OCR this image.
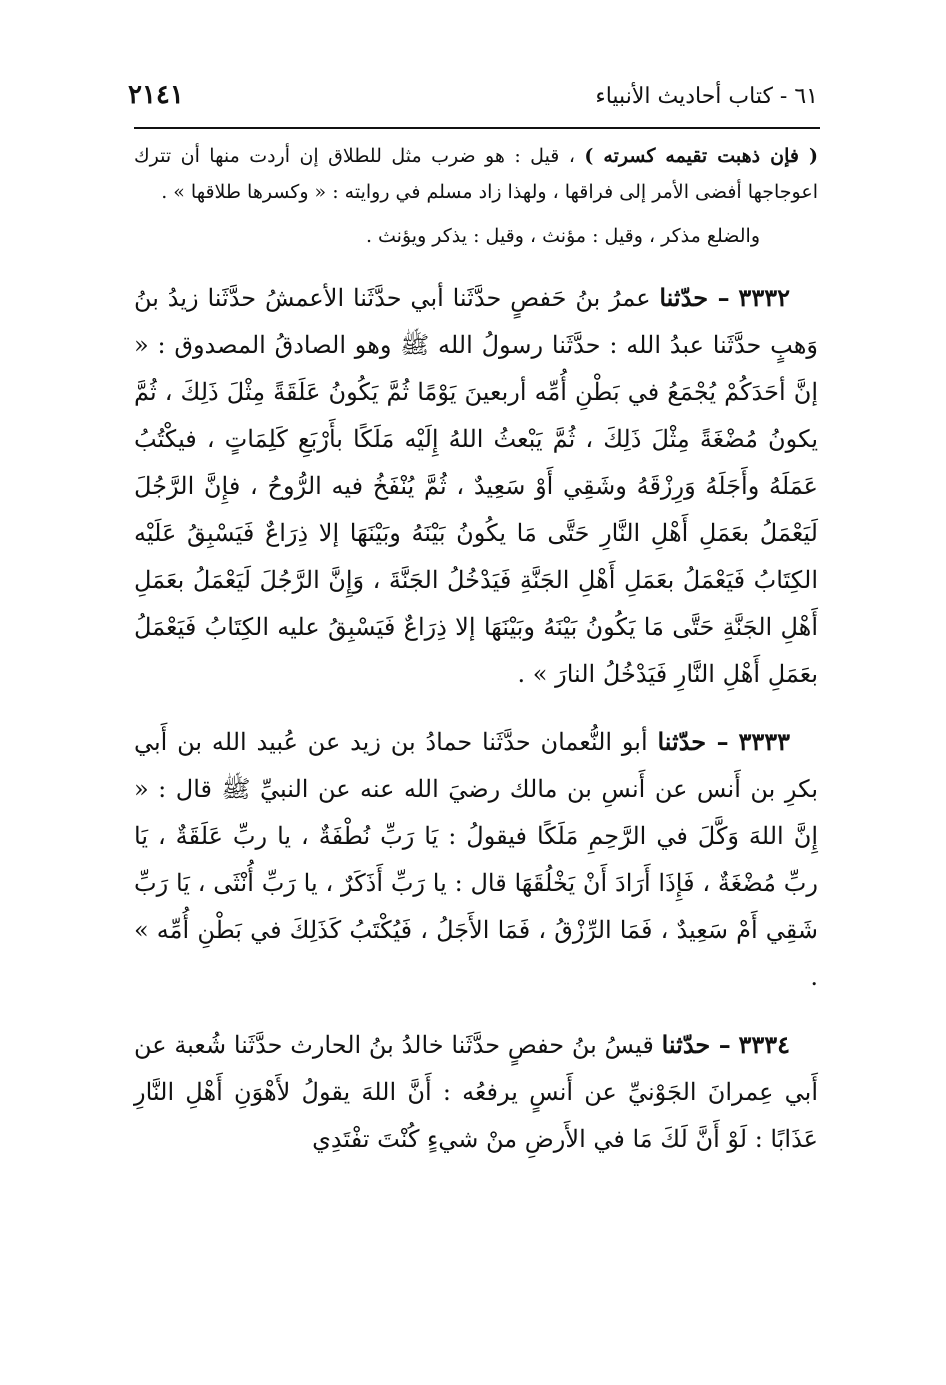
٦١ - كتاب أحاديث الأنبياء
٢١٤١

( فإن ذهبت تقيمه كسرته ) ، قيل : هو ضرب مثل للطلاق إن أردت منها أن تترك اعوجاجها أفضى الأمر إلى فراقها ، ولهذا زاد مسلم في روايته : « وكسرها طلاقها » .

والضلع مذكر ، وقيل : مؤنث ، وقيل : يذكر ويؤنث .

٣٣٣٢ – حدّثنا عمرُ بنُ حَفصٍ حدَّثَنا أبي حدَّثَنا الأعمشُ حدَّثَنا زيدُ بنُ وَهبٍ حدَّثَنا عبدُ الله : حدَّثَنا رسولُ الله ﷺ وهو الصادقُ المصدوق : « إنَّ أحَدَكُمْ يُجْمَعُ في بَطْنِ أُمِّه أربعينَ يَوْمًا ثُمَّ يَكُونُ عَلَقَةً مِثْلَ ذَلِكَ ، ثُمَّ يكونُ مُضْغَةً مِثْلَ ذَلِكَ ، ثُمَّ يَبْعثُ اللهُ إِلَيْه مَلَكًا بأَرْبَعِ كَلِمَاتٍ ، فيكْتُبُ عَمَلَهُ وأَجَلَهُ وَرِزْقَهُ وشَقِي أَوْ سَعِيدٌ ، ثُمَّ يُنْفَخُ فيه الرُّوحُ ، فإِنَّ الرَّجُلَ لَيَعْمَلُ بعَمَلِ أَهْلِ النَّارِ حَتَّى مَا يكُونُ بَيْنَهُ وبَيْنَهَا إلا ذِرَاعٌ فَيَسْبِقُ عَلَيْه الكِتَابُ فَيَعْمَلُ بعَمَلِ أَهْلِ الجَنَّةِ فَيَدْخُلُ الجَنَّةَ ، وَإِنَّ الرَّجُلَ لَيَعْمَلُ بعَمَلِ أَهْلِ الجَنَّةِ حَتَّى مَا يَكُونُ بَيْنَهُ وبَيْنَهَا إلا ذِرَاعٌ فَيَسْبِقُ عليه الكِتَابُ فَيَعْمَلُ بعَمَلِ أَهْلِ النَّارِ فَيَدْخُلُ النارَ » .

٣٣٣٣ – حدّثنا أبو النُّعمان حدَّثَنا حمادُ بن زيد عن عُبيد الله بن أَبي بكرِ بن أَنس عن أَنسِ بن مالك رضيَ الله عنه عن النبيِّ ﷺ قال : « إِنَّ اللهَ وَكَّلَ في الرَّحِمِ مَلَكًا فيقولُ : يَا رَبِّ نُطْفَةٌ ، يا ربِّ عَلَقَةٌ ، يَا ربِّ مُضْغَةٌ ، فَإِذَا أَرَادَ أَنْ يَخْلُقَهَا قال : يا رَبِّ أَذَكَرٌ ، يا رَبِّ أُنْثَى ، يَا رَبِّ شَقِي أَمْ سَعِيدٌ ، فَمَا الرِّزْقُ ، فَمَا الأَجَلُ ، فَيُكْتَبُ كَذَلِكَ في بَطْنِ أُمِّه » .

٣٣٣٤ – حدّثنا قيسُ بنُ حفصٍ حدَّثَنا خالدُ بنُ الحارث حدَّثَنا شُعبة عن أَبي عِمرانَ الجَوْنيِّ عن أَنسٍ يرفعُه : أَنَّ اللهَ يقولُ لأَهْوَنِ أَهْلِ النَّارِ عَذَابًا : لَوْ أَنَّ لَكَ مَا في الأَرضِ منْ شيءٍ كُنْتَ تفْتَدِي
